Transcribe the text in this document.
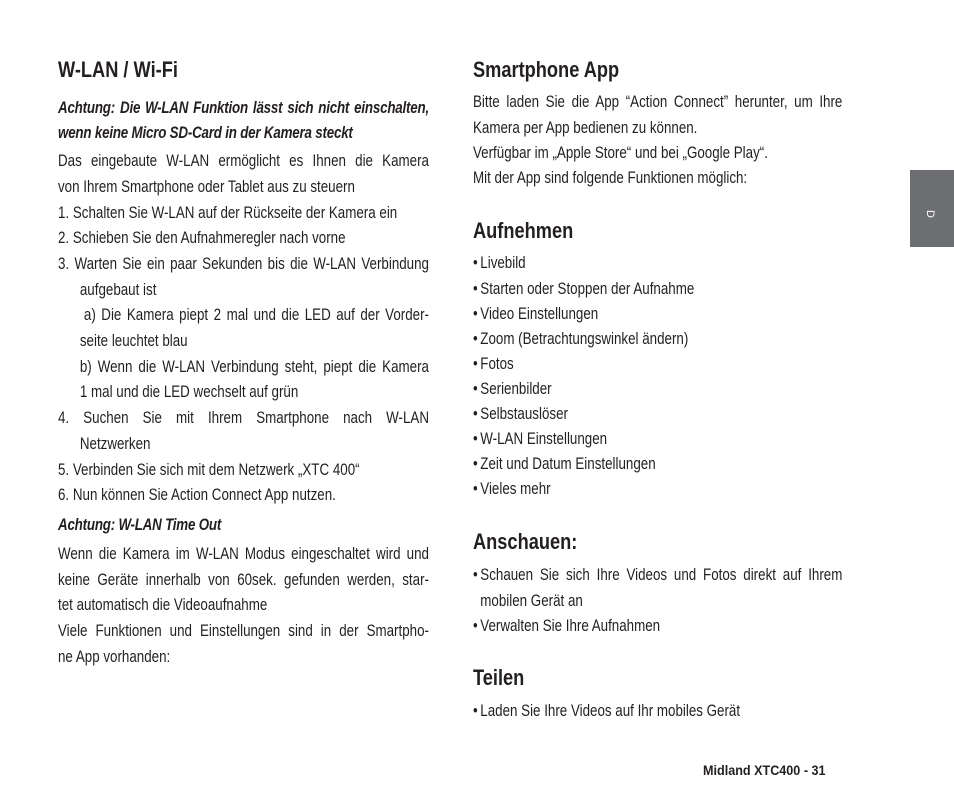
W-LAN / Wi-Fi
Achtung: Die W-LAN Funktion lässt sich nicht einschalten,
wenn keine Micro SD-Card in der Kamera steckt
Das eingebaute W-LAN ermöglicht es Ihnen die Kamera
von Ihrem Smartphone oder Tablet aus zu steuern
1. Schalten Sie W-LAN auf der Rückseite der Kamera ein
2. Schieben Sie den Aufnahmeregler nach vorne
3. Warten Sie ein paar Sekunden bis die W-LAN Verbindung
aufgebaut ist
a) Die Kamera piept 2 mal und die LED auf der Vorder-
seite leuchtet blau
b) Wenn die W-LAN Verbindung steht, piept die Kamera
1 mal und die LED wechselt auf grün
4. Suchen Sie mit Ihrem Smartphone nach W-LAN
Netzwerken
5. Verbinden Sie sich mit dem Netzwerk „XTC 400“
6. Nun können Sie Action Connect App nutzen.
Achtung: W-LAN Time Out
Wenn die Kamera im W-LAN Modus eingeschaltet wird und
keine Geräte innerhalb von 60sek. gefunden werden, star-
tet automatisch die Videoaufnahme
Viele Funktionen und Einstellungen sind in der Smartpho-
ne App vorhanden:
Smartphone App
Bitte laden Sie die App “Action Connect” herunter, um Ihre
Kamera per App bedienen zu können.
Verfügbar im „Apple Store“ und bei „Google Play“.
Mit der App sind folgende Funktionen möglich:
Aufnehmen
• Livebild
• Starten oder Stoppen der Aufnahme
• Video Einstellungen
• Zoom (Betrachtungswinkel ändern)
• Fotos
• Serienbilder
• Selbstauslöser
• W-LAN Einstellungen
• Zeit und Datum Einstellungen
• Vieles mehr
Anschauen:
• Schauen Sie sich Ihre Videos und Fotos direkt auf Ihrem
mobilen Gerät an
• Verwalten Sie Ihre Aufnahmen
Teilen
• Laden Sie Ihre Videos auf Ihr mobiles Gerät
D
Midland XTC400 - 31
